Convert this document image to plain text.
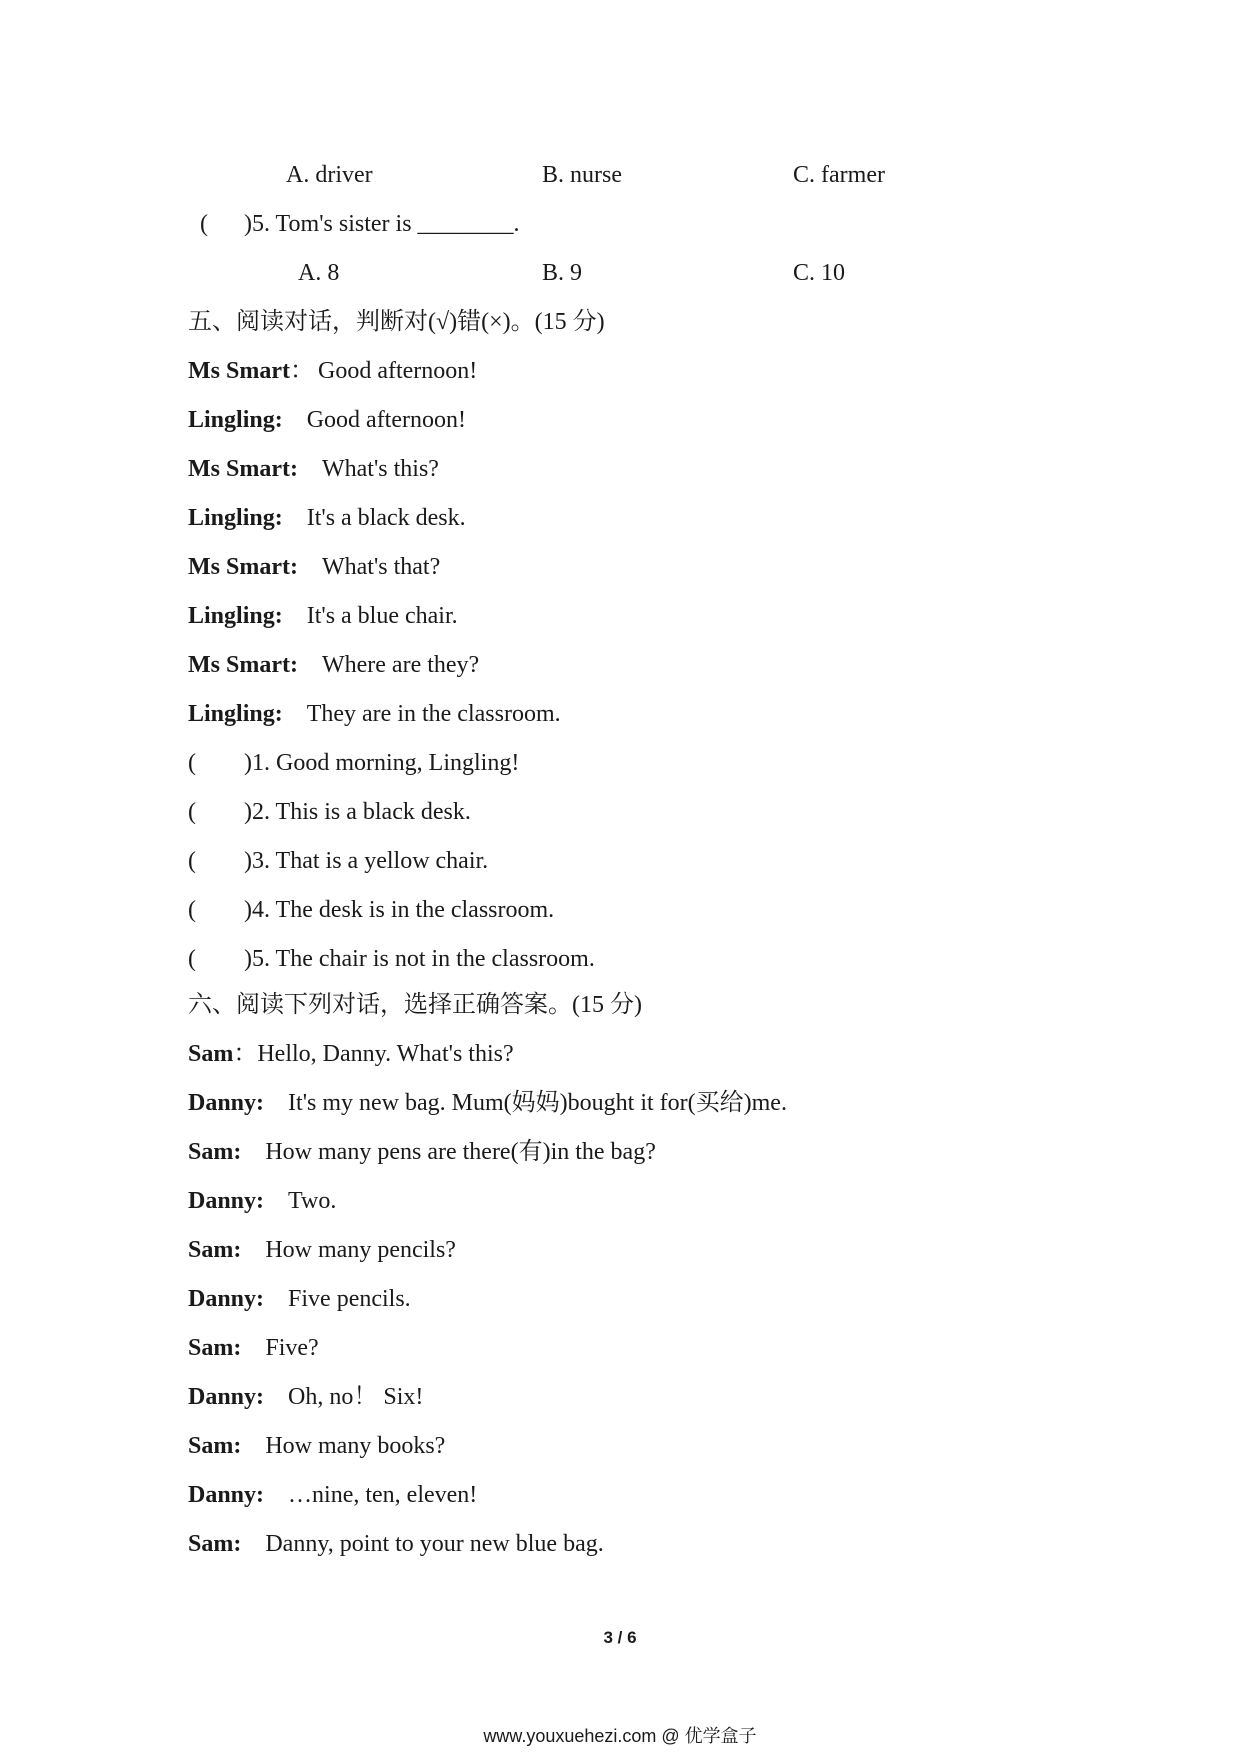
A. driver	B. nurse	C. farmer
( )5. Tom's sister is ________.
A. 8	B. 9	C. 10
五、阅读对话，判断对(√)错(×)。(15 分)
Ms Smart： Good afternoon!
Lingling: Good afternoon!
Ms Smart: What's this?
Lingling: It's a black desk.
Ms Smart: What's that?
Lingling: It's a blue chair.
Ms Smart: Where are they?
Lingling: They are in the classroom.
( )1. Good morning, Lingling!
( )2. This is a black desk.
( )3. That is a yellow chair.
( )4. The desk is in the classroom.
( )5. The chair is not in the classroom.
六、阅读下列对话，选择正确答案。(15 分)
Sam：Hello, Danny. What's this?
Danny: It's my new bag. Mum(妈妈)bought it for(买给)me.
Sam: How many pens are there(有)in the bag?
Danny: Two.
Sam: How many pencils?
Danny: Five pencils.
Sam: Five?
Danny: Oh, no！ Six!
Sam: How many books?
Danny: …nine, ten, eleven!
Sam: Danny, point to your new blue bag.
3 / 6
www.youxuehezi.com @ 优学盒子
